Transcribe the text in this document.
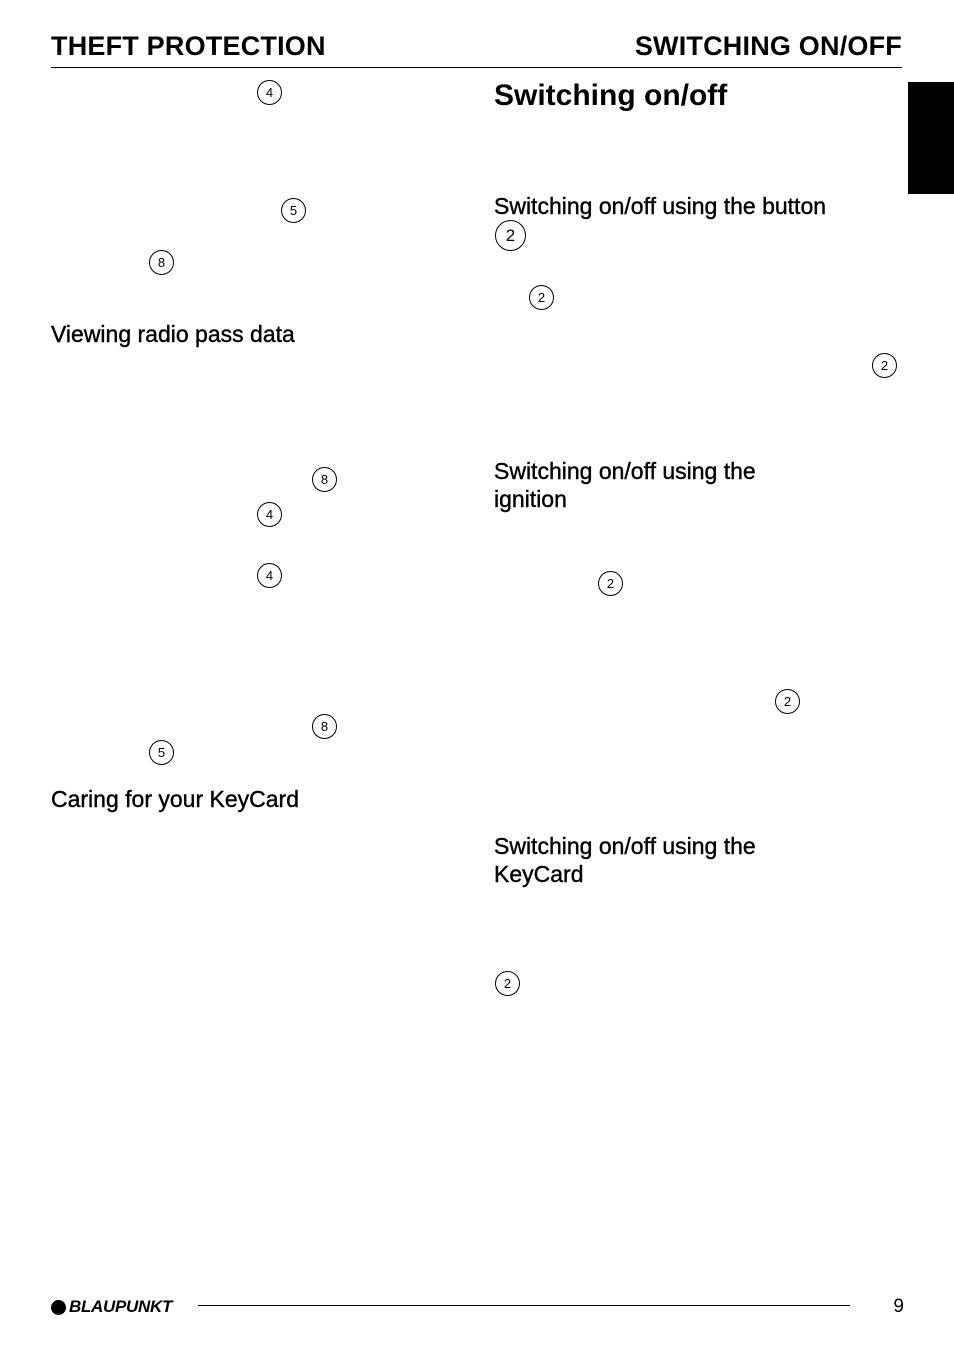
THEFT PROTECTION	SWITCHING ON/OFF
4
5
8
Viewing radio pass data
8
4
4
8
5
Caring for your KeyCard
Switching on/off
Switching on/off using the button
2
2
2
Switching on/off using the
ignition
2
2
Switching on/off using the
KeyCard
2
BLAUPUNKT	9
